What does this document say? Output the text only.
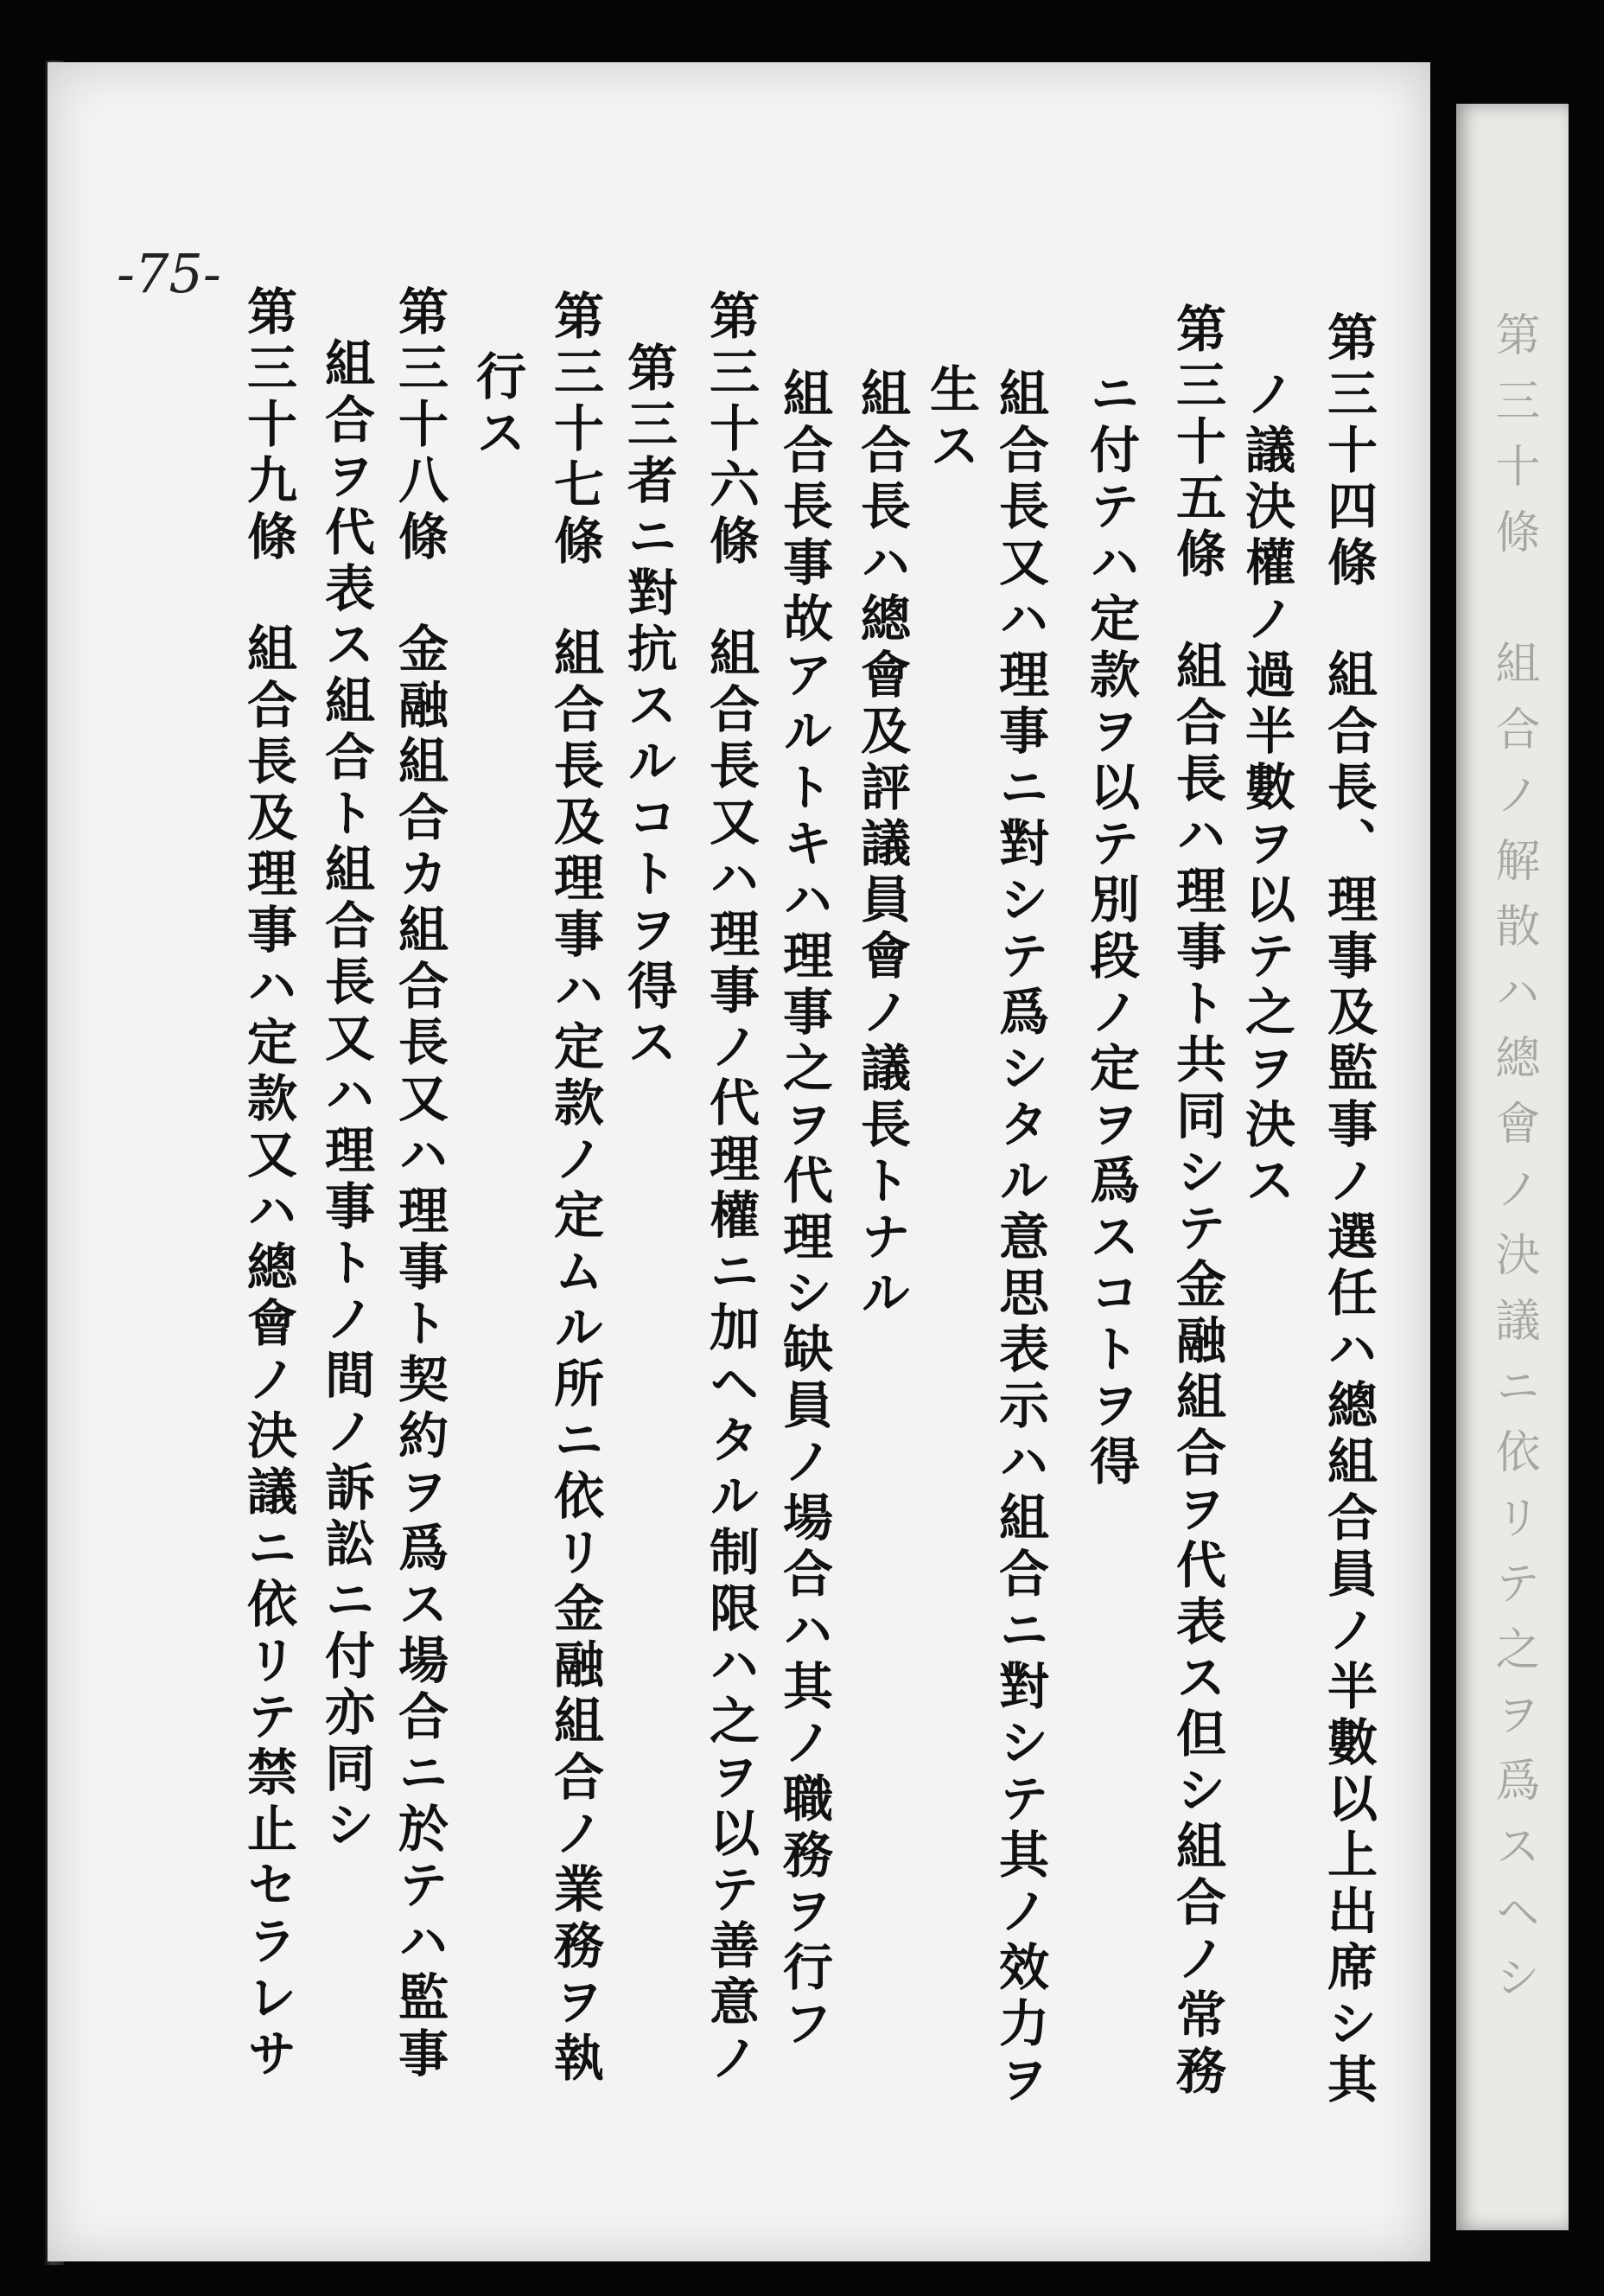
第三十條　組合ノ解散ハ總會ノ決議ニ依リテ之ヲ爲スヘシ
-75-
第三十四條　組合長、理事及監事ノ選任ハ總組合員ノ半數以上出席シ其
ノ議決權ノ過半數ヲ以テ之ヲ決ス
第三十五條　組合長ハ理事ト共同シテ金融組合ヲ代表ス但シ組合ノ常務
ニ付テハ定款ヲ以テ別段ノ定ヲ爲スコトヲ得
組合長又ハ理事ニ對シテ爲シタル意思表示ハ組合ニ對シテ其ノ效力ヲ
生ス
組合長ハ總會及評議員會ノ議長トナル
組合長事故アルトキハ理事之ヲ代理シ缺員ノ場合ハ其ノ職務ヲ行フ
第三十六條　組合長又ハ理事ノ代理權ニ加ヘタル制限ハ之ヲ以テ善意ノ
第三者ニ對抗スルコトヲ得ス
第三十七條　組合長及理事ハ定款ノ定ムル所ニ依リ金融組合ノ業務ヲ執
行ス
第三十八條　金融組合カ組合長又ハ理事ト契約ヲ爲ス場合ニ於テハ監事
組合ヲ代表ス組合ト組合長又ハ理事トノ間ノ訴訟ニ付亦同シ
第三十九條　組合長及理事ハ定款又ハ總會ノ決議ニ依リテ禁止セラレサ
